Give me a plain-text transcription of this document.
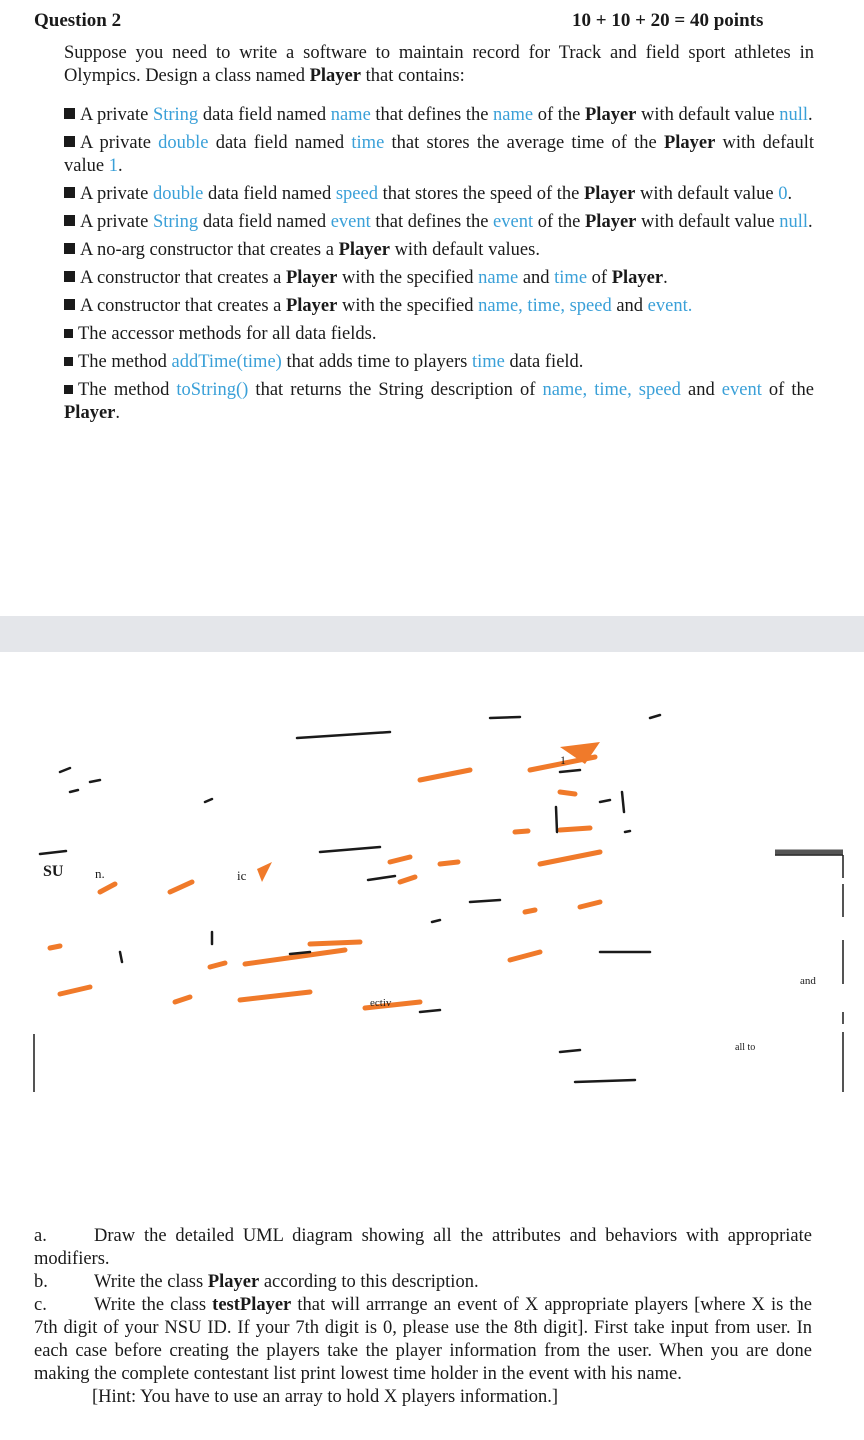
Question 2	10 + 10 + 20 = 40 points
Suppose you need to write a software to maintain record for Track and field sport athletes in Olympics. Design a class named Player that contains:
A private String data field named name that defines the name of the Player with default value null.
A private double data field named time that stores the average time of the Player with default value 1.
A private double data field named speed that stores the speed of the Player with default value 0.
A private String data field named event that defines the event of the Player with default value null.
A no-arg constructor that creates a Player with default values.
A constructor that creates a Player with the specified name and time of Player.
A constructor that creates a Player with the specified name, time, speed and event.
The accessor methods for all data fields.
The method addTime(time) that adds time to players time data field.
The method toString() that returns the String description of name, time, speed and event of the Player.
SU n.	ic
ectiv
and
all to
1
a.	Draw the detailed UML diagram showing all the attributes and behaviors with appropriate modifiers.
b. Write the class Player according to this description.
c.	Write the class testPlayer that will arrrange an event of X appropriate players [where X is the 7th digit of your NSU ID. If your 7th digit is 0, please use the 8th digit]. First take input from user. In each case before creating the players take the player information from the user. When you are done making the complete contestant list print lowest time holder in the event with his name.
[Hint: You have to use an array to hold X players information.]
